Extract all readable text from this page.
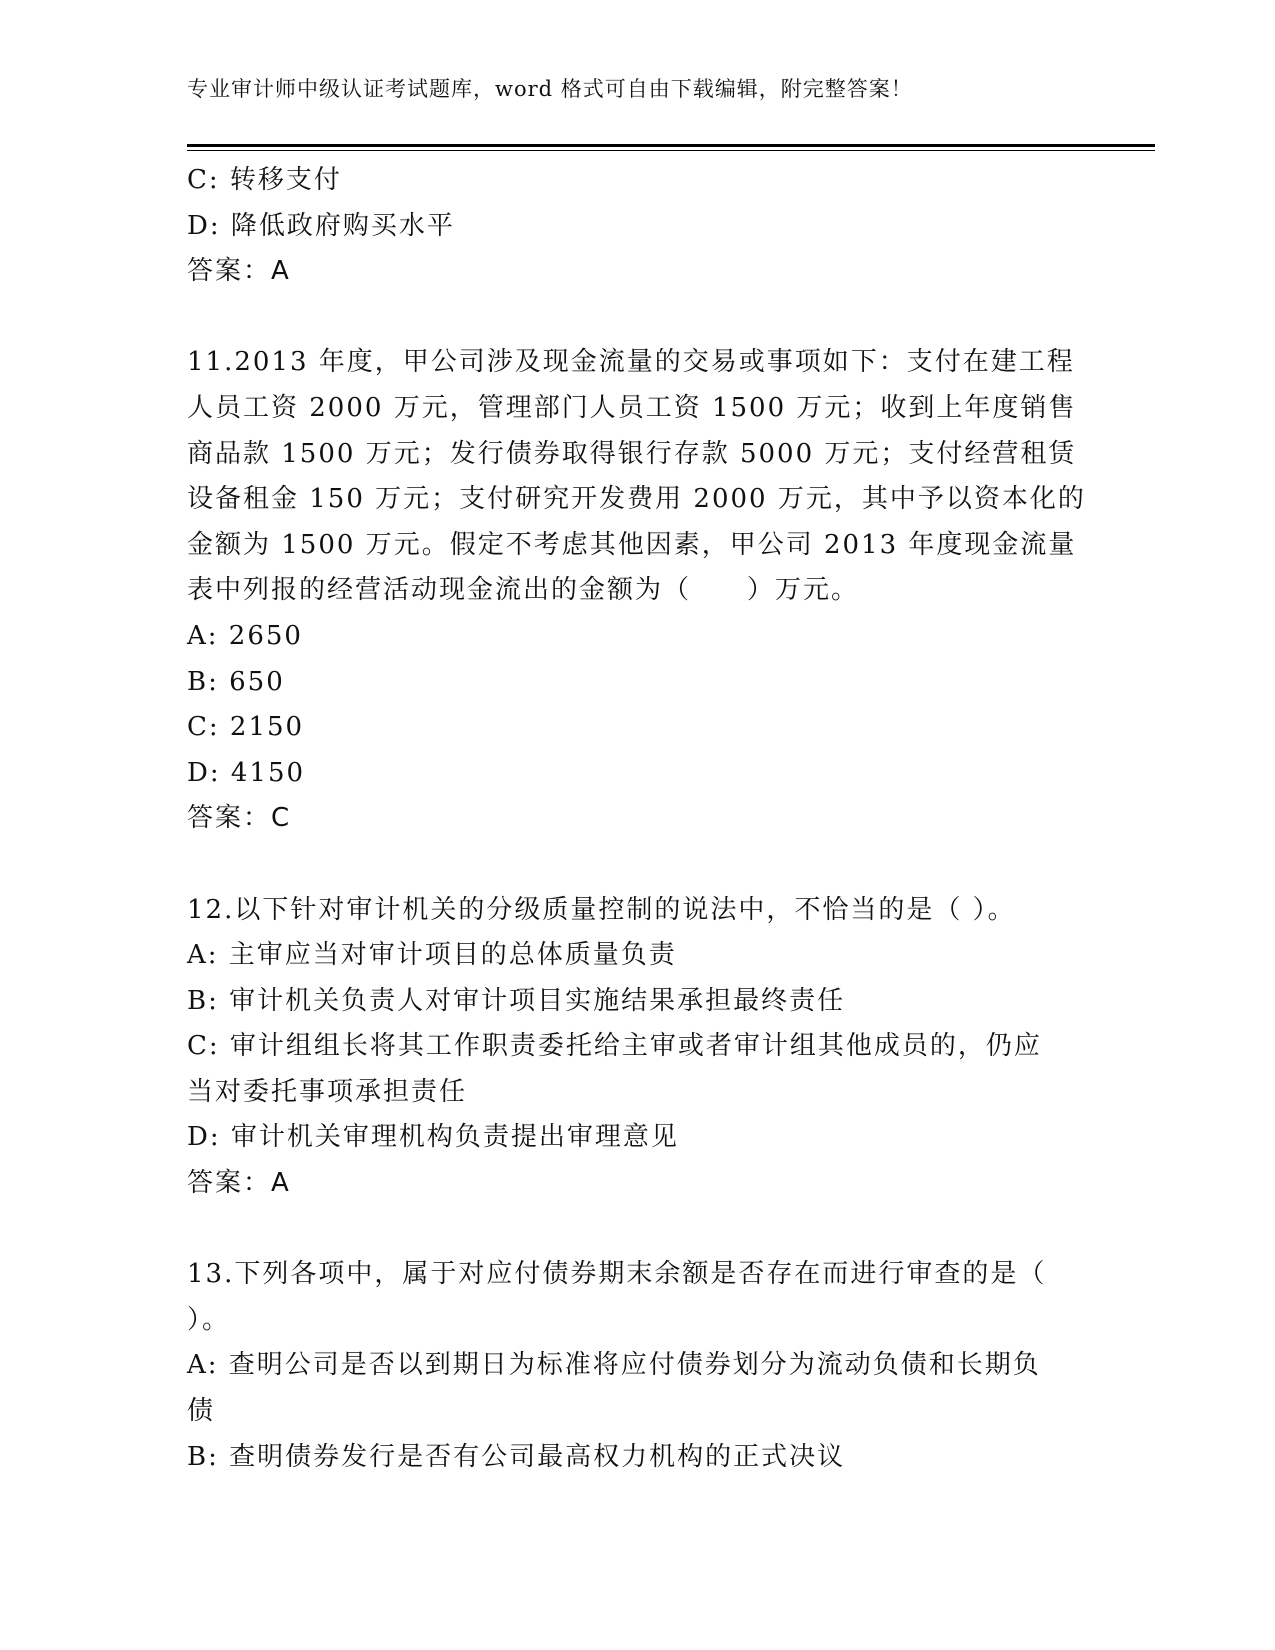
专业审计师中级认证考试题库，word 格式可自由下载编辑，附完整答案！
C: 转移支付
D: 降低政府购买水平
答案：A
11.2013 年度，甲公司涉及现金流量的交易或事项如下：支付在建工程
人员工资 2000 万元，管理部门人员工资 1500 万元；收到上年度销售
商品款 1500 万元；发行债券取得银行存款 5000 万元；支付经营租赁
设备租金 150 万元；支付研究开发费用 2000 万元，其中予以资本化的
金额为 1500 万元。假定不考虑其他因素，甲公司 2013 年度现金流量
表中列报的经营活动现金流出的金额为（　　）万元。
A: 2650
B: 650
C: 2150
D: 4150
答案：C
12.以下针对审计机关的分级质量控制的说法中，不恰当的是（ ）。
A: 主审应当对审计项目的总体质量负责
B: 审计机关负责人对审计项目实施结果承担最终责任
C: 审计组组长将其工作职责委托给主审或者审计组其他成员的，仍应
当对委托事项承担责任
D: 审计机关审理机构负责提出审理意见
答案：A
13.下列各项中，属于对应付债券期末余额是否存在而进行审查的是（
）。
A: 查明公司是否以到期日为标准将应付债券划分为流动负债和长期负
债
B: 查明债券发行是否有公司最高权力机构的正式决议
